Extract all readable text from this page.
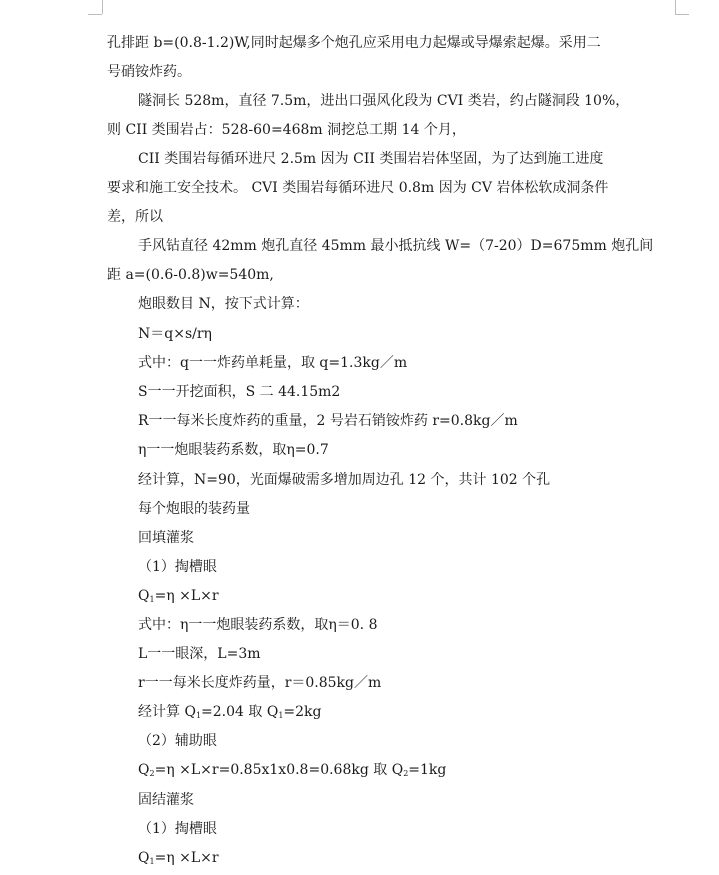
孔排距 b=(0.8-1.2)W,同时起爆多个炮孔应采用电力起爆或导爆索起爆。采用二
号硝铵炸药。
隧洞长 528m，直径 7.5m，进出口强风化段为 CVI 类岩，约占隧洞段 10%，
则 CII 类围岩占：528-60=468m 洞挖总工期 14 个月，
CII 类围岩每循环进尺 2.5m 因为 CII 类围岩岩体坚固，为了达到施工进度
要求和施工安全技术。 CVI 类围岩每循环进尺 0.8m 因为 CV 岩体松软成洞条件
差，所以
手风钻直径 42mm 炮孔直径 45mm 最小抵抗线 W=（7-20）D=675mm 炮孔间
距 a=(0.6-0.8)w=540m,
炮眼数目 N，按下式计算：
N＝q×s/rη
式中：q一一炸药单耗量，取 q=1.3kg／m
S一一开挖面积，S 二 44.15m2
R一一每米长度炸药的重量，2 号岩石销铵炸药 r=0.8kg／m
η一一炮眼装药系数，取η=0.7
经计算，N=90，光面爆破需多增加周边孔 12 个，共计 102 个孔
每个炮眼的装药量
回填灌浆
（1）掏槽眼
$Q_1=\eta \times L\times r$
式中：η一一炮眼装药系数，取η＝0. 8
L一一眼深，L=3m
r一一每米长度炸药量，r＝0.85kg／m
经计算 $Q_1=2.04$ 取 $Q_1=2kg$
（2）辅助眼
$Q_2=\eta \times L\times r=0.85x1x0.8=0.68kg$ 取 $Q_2=1kg$
固结灌浆
（1）掏槽眼
$Q_1=\eta \times L\times r$
